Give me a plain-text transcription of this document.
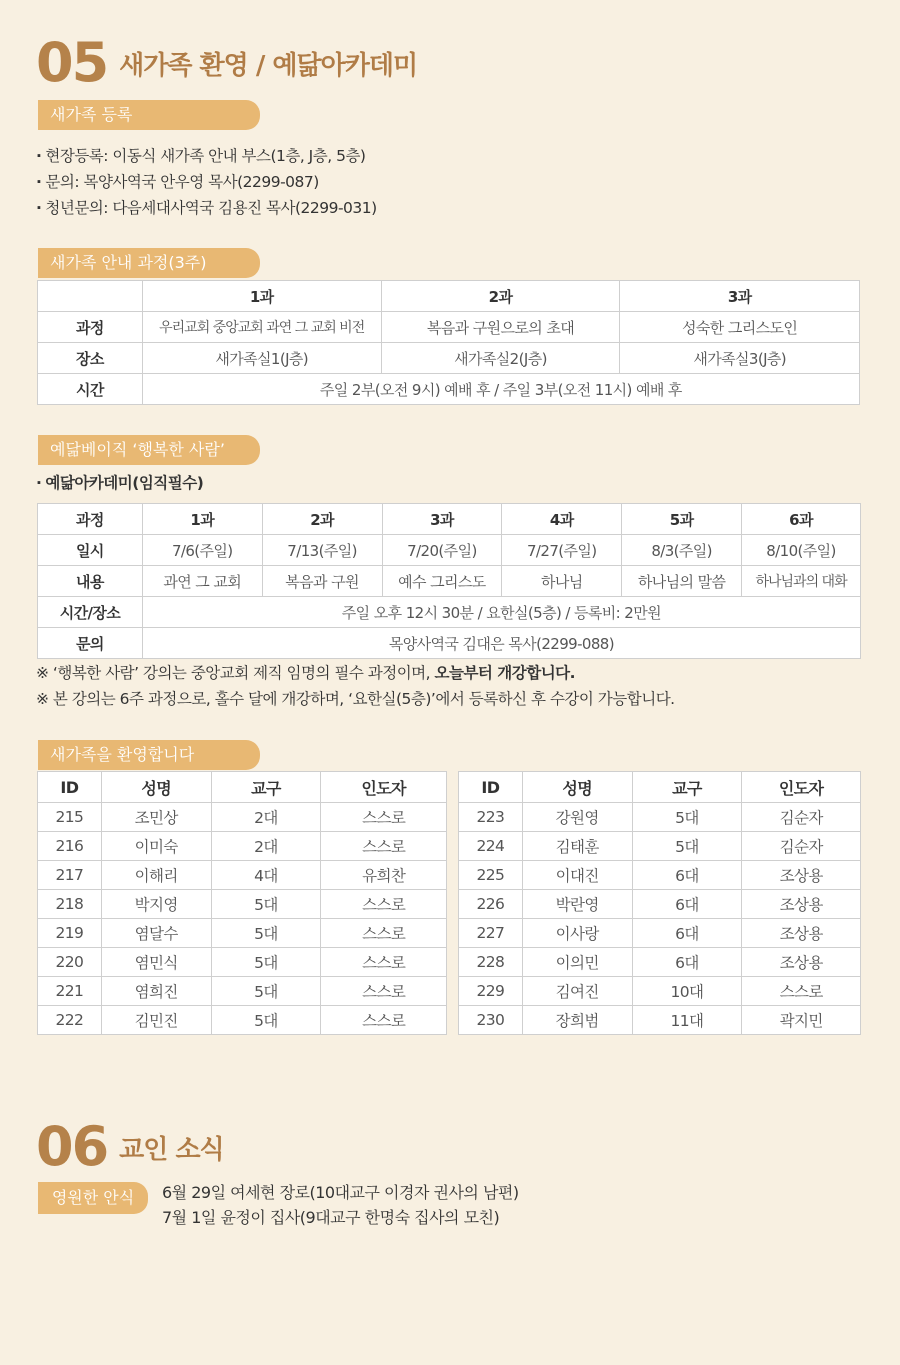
05 새가족 환영 / 예닮아카데미
새가족 등록
· 현장등록: 이동식 새가족 안내 부스(1층, J층, 5층)
· 문의: 목양사역국 안우영 목사(2299-087)
· 청년문의: 다음세대사역국 김용진 목사(2299-031)
새가족 안내 과정(3주)
	1과	2과	3과
과정	우리교회 중앙교회 과연 그 교회 비전	복음과 구원으로의 초대	성숙한 그리스도인
장소	새가족실1(J층)	새가족실2(J층)	새가족실3(J층)
시간	주일 2부(오전 9시) 예배 후 / 주일 3부(오전 11시) 예배 후		
예닮베이직 ‘행복한 사람’
· 예닮아카데미(임직필수)
과정	1과	2과	3과	4과	5과	6과
일시	7/6(주일)	7/13(주일)	7/20(주일)	7/27(주일)	8/3(주일)	8/10(주일)
내용	과연 그 교회	복음과 구원	예수 그리스도	하나님	하나님의 말씀	하나님과의 대화
시간/장소	주일 오후 12시 30분 / 요한실(5층) / 등록비: 2만원					
문의	목양사역국 김대은 목사(2299-088)					
※ ‘행복한 사람’ 강의는 중앙교회 제직 임명의 필수 과정이며, 오늘부터 개강합니다.
※ 본 강의는 6주 과정으로, 홀수 달에 개강하며, ‘요한실(5층)’에서 등록하신 후 수강이 가능합니다.
새가족을 환영합니다
ID	성명	교구	인도자
215	조민상	2대	스스로
216	이미숙	2대	스스로
217	이해리	4대	유희찬
218	박지영	5대	스스로
219	염달수	5대	스스로
220	염민식	5대	스스로
221	염희진	5대	스스로
222	김민진	5대	스스로
ID	성명	교구	인도자
223	강원영	5대	김순자
224	김태훈	5대	김순자
225	이대진	6대	조상용
226	박란영	6대	조상용
227	이사랑	6대	조상용
228	이의민	6대	조상용
229	김여진	10대	스스로
230	장희범	11대	곽지민
06 교인 소식
영원한 안식	6월 29일 여세현 장로(10대교구 이경자 권사의 남편)
7월 1일 윤정이 집사(9대교구 한명숙 집사의 모친)
